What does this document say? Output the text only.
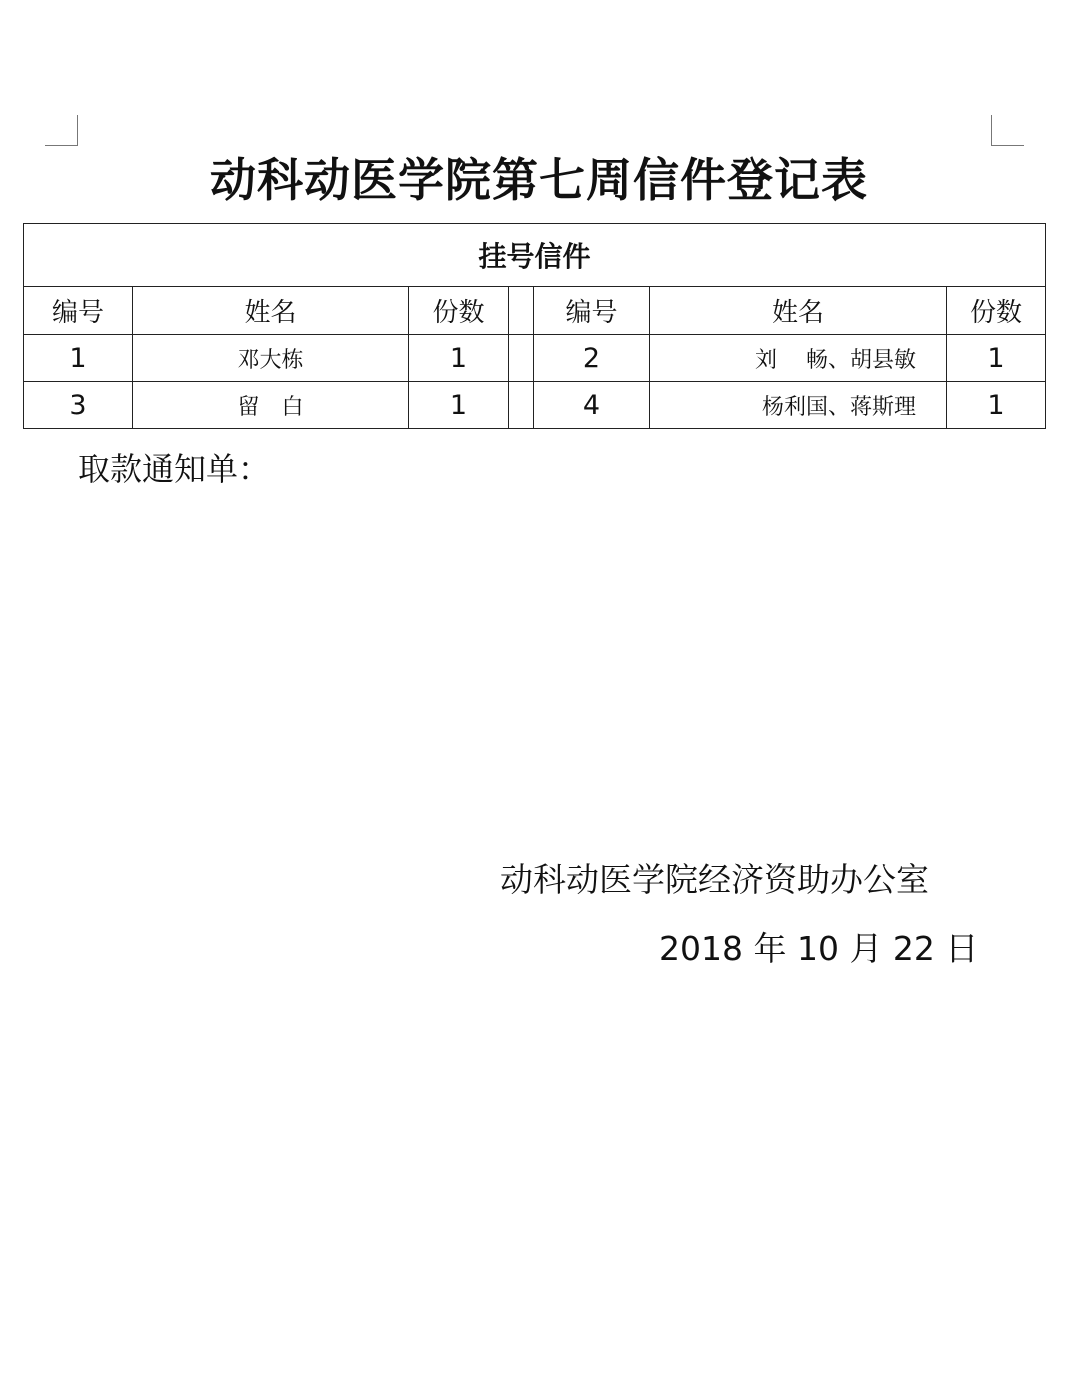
动科动医学院第七周信件登记表
挂号信件						
编号	姓名	份数		编号	姓名	份数
1	邓大栋	1		2	刘　 畅、胡县敏	1
3	留　白	1		4	杨利国、蒋斯理	1
取款通知单：
动科动医学院经济资助办公室
2018 年 10 月 22 日
